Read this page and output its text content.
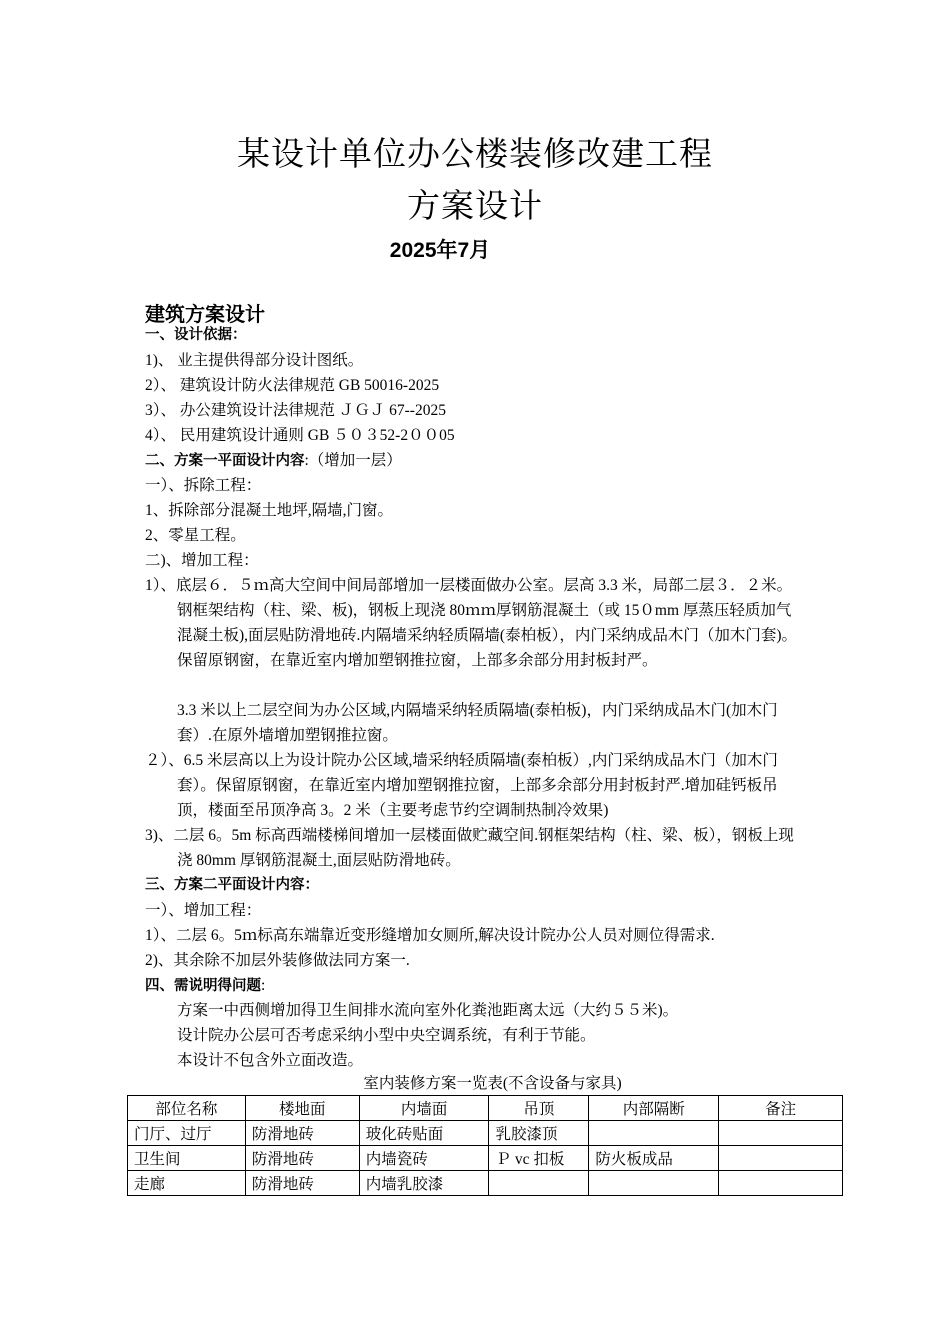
某设计单位办公楼装修改建工程
方案设计
2025年7月
建筑方案设计
一、设计依据：
1)、 业主提供得部分设计图纸。
2）、 建筑设计防火法律规范 GB 50016-2025
3）、 办公建筑设计法律规范 ＪＧＪ 67--2025
4）、 民用建筑设计通则 GB ５０３52-2００05
二、方案一平面设计内容:（增加一层）
一）、拆除工程：
1、拆除部分混凝土地坪,隔墙,门窗。
2、零星工程。
二)、增加工程：
1）、底层６．５ｍ高大空间中间局部增加一层楼面做办公室。层高 3.3 米，局部二层３．２米。钢框架结构（柱、梁、板)，钢板上现浇 80ｍｍ厚钢筋混凝土（或 15０mm 厚蒸压轻质加气混凝土板),面层贴防滑地砖.内隔墙采纳轻质隔墙(泰柏板），内门采纳成品木门（加木门套)。保留原钢窗，在靠近室内增加塑钢推拉窗，上部多余部分用封板封严。
3.3 米以上二层空间为办公区域,内隔墙采纳轻质隔墙(泰柏板)，内门采纳成品木门(加木门套）.在原外墙增加塑钢推拉窗。
２）、6.5 米层高以上为设计院办公区域,墙采纳轻质隔墙(泰柏板）,内门采纳成品木门（加木门套）。保留原钢窗，在靠近室内增加塑钢推拉窗，上部多余部分用封板封严.增加硅钙板吊顶，楼面至吊顶净高 3。2 米（主要考虑节约空调制热制冷效果)
3)、二层 6。5m 标高西端楼梯间增加一层楼面做贮藏空间.钢框架结构（柱、梁、板），钢板上现浇 80mm 厚钢筋混凝土,面层贴防滑地砖。
三、方案二平面设计内容：
一）、增加工程：
1）、二层 6。5ｍ标高东端靠近变形缝增加女厕所,解决设计院办公人员对厕位得需求.
2)、其余除不加层外装修做法同方案一.
四、需说明得问题:
方案一中西侧增加得卫生间排水流向室外化粪池距离太远（大约５５米)。
设计院办公层可否考虑采纳小型中央空调系统，有利于节能。
本设计不包含外立面改造。
室内装修方案一览表(不含设备与家具)
部位名称	楼地面	内墙面	吊顶	内部隔断	备注
门厅、过厅	防滑地砖	玻化砖贴面	乳胶漆顶		
卫生间	防滑地砖	内墙瓷砖	Ｐ vc 扣板	防火板成品	
走廊	防滑地砖	内墙乳胶漆			
